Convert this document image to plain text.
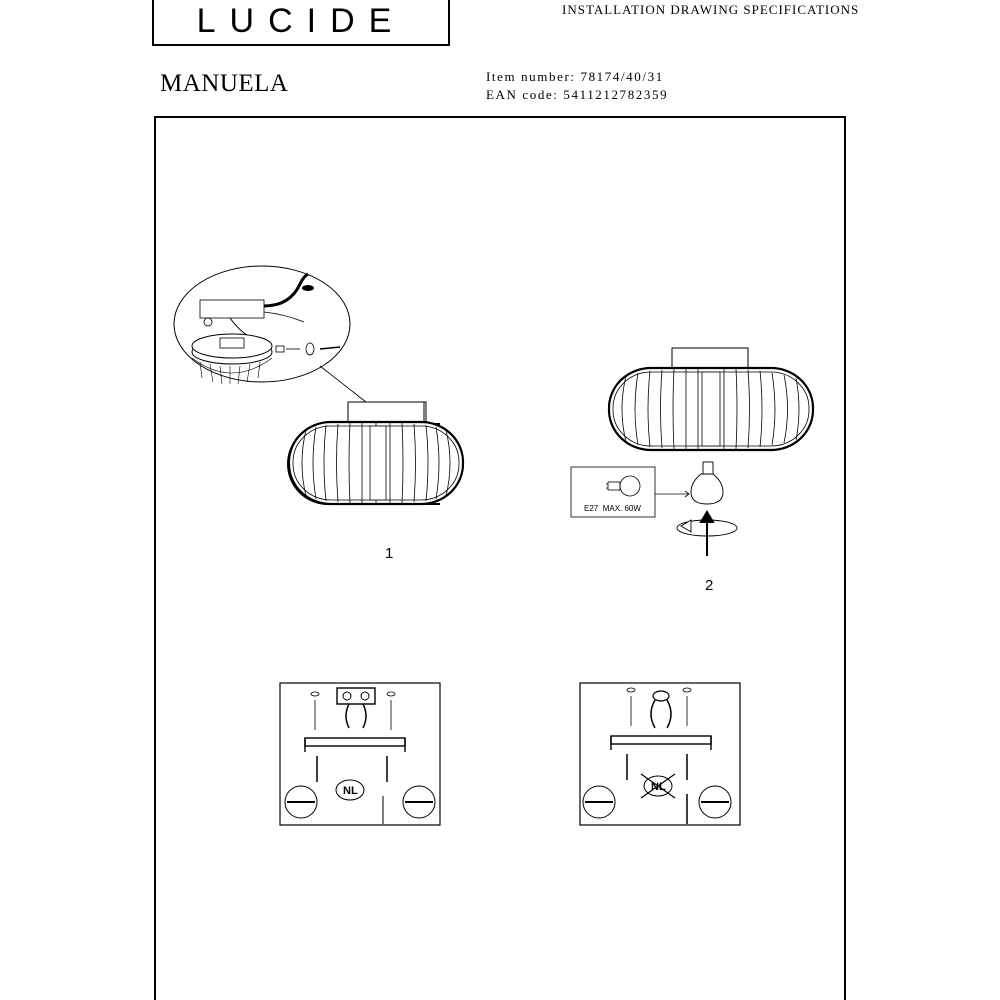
LUCIDE	INSTALLATION DRAWING SPECIFICATIONS
MANUELA	Item number: 78174/40/31
EAN code: 5411212782359
1
E27 MAX. 60W
2
NL	NL
